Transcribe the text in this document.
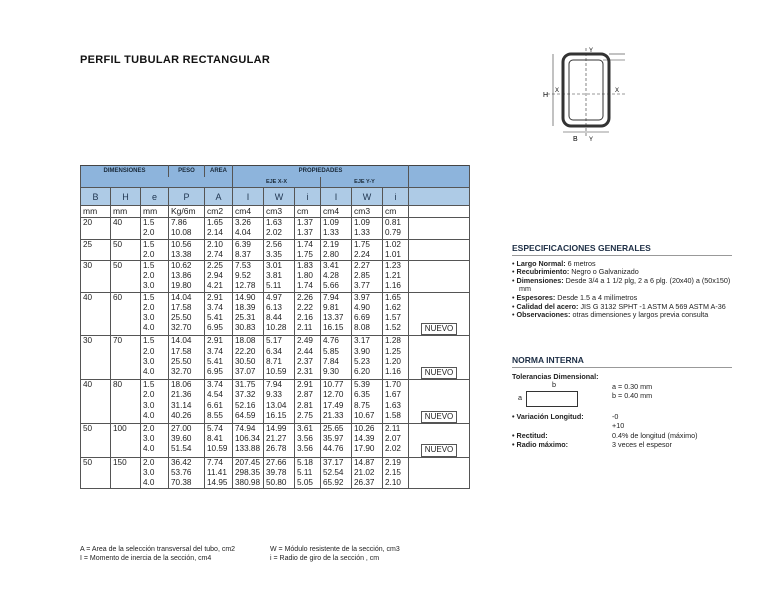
PERFIL TUBULAR RECTANGULAR
H
X	X
B Y
Y
DIMENSIONES			PESO	AREA	PROPIEDADES						
					EJE X-X			EJE Y-Y			
B	H	e	P	A	I	W	i	I	W	i	
mm	mm	mm	Kg/6m	cm2	cm4	cm3	cm	cm4	cm3	cm	
20	40	1.5	7.86	1.65	3.26	1.63	1.37	1.09	1.09	0.81	
		2.0	10.08	2.14	4.04	2.02	1.37	1.33	1.33	0.79	
25	50	1.5	10.56	2.10	6.39	2.56	1.74	2.19	1.75	1.02	
		2.0	13.38	2.74	8.37	3.35	1.75	2.80	2.24	1.01	
30	50	1.5	10.62	2.25	7.53	3.01	1.83	3.41	2.27	1.23	
		2.0	13.86	2.94	9.52	3.81	1.80	4.28	2.85	1.21	
		3.0	19.80	4.21	12.78	5.11	1.74	5.66	3.77	1.16	
40	60	1.5	14.04	2.91	14.90	4.97	2.26	7.94	3.97	1.65	
		2.0	17.58	3.74	18.39	6.13	2.22	9.81	4.90	1.62	
		3.0	25.50	5.41	25.31	8.44	2.16	13.37	6.69	1.57	
		4.0	32.70	6.95	30.83	10.28	2.11	16.15	8.08	1.52	NUEVO
30	70	1.5	14.04	2.91	18.08	5.17	2.49	4.76	3.17	1.28	
		2.0	17.58	3.74	22.20	6.34	2.44	5.85	3.90	1.25	
		3.0	25.50	5.41	30.50	8.71	2.37	7.84	5.23	1.20	
		4.0	32.70	6.95	37.07	10.59	2.31	9.30	6.20	1.16	NUEVO
40	80	1.5	18.06	3.74	31.75	7.94	2.91	10.77	5.39	1.70	
		2.0	21.36	4.54	37.32	9.33	2.87	12.70	6.35	1.67	
		3.0	31.14	6.61	52.16	13.04	2.81	17.49	8.75	1.63	
		4.0	40.26	8.55	64.59	16.15	2.75	21.33	10.67	1.58	NUEVO
50	100	2.0	27.00	5.74	74.94	14.99	3.61	25.65	10.26	2.11	
		3.0	39.60	8.41	106.34	21.27	3.56	35.97	14.39	2.07	
		4.0	51.54	10.59	133.88	26.78	3.56	44.76	17.90	2.02	NUEVO
50	150	2.0	36.42	7.74	207.45	27.66	5.18	37.17	14.87	2.19	
		3.0	53.76	11.41	298.35	39.78	5.11	52.54	21.02	2.15	
		4.0	70.38	14.95	380.98	50.80	5.05	65.92	26.37	2.10	
ESPECIFICACIONES GENERALES
• Largo Normal: 6 metros
• Recubrimiento: Negro o Galvanizado
• Dimensiones: Desde 3/4 a 1 1/2 plg, 2 a 6 plg. (20x40) a (50x150) mm
• Espesores: Desde 1.5 a 4 milímetros
• Calidad del acero: JIS G 3132 SPHT -1 ASTM A 569 ASTM A-36
• Observaciones: otras dimensiones y largos previa consulta
NORMA INTERNA
Tolerancias Dimensional:
b
a
a = 0.30 mm
b = 0.40 mm
• Variación Longitud:	-0
+10
• Rectitud:	0.4% de longitud (máximo)
• Radio máximo:	3 veces el espesor
A = Area de la selección transversal del tubo, cm2	W = Módulo resistente de la sección, cm3
I = Momento de inercia de la sección, cm4	i = Radio de giro de la sección , cm
